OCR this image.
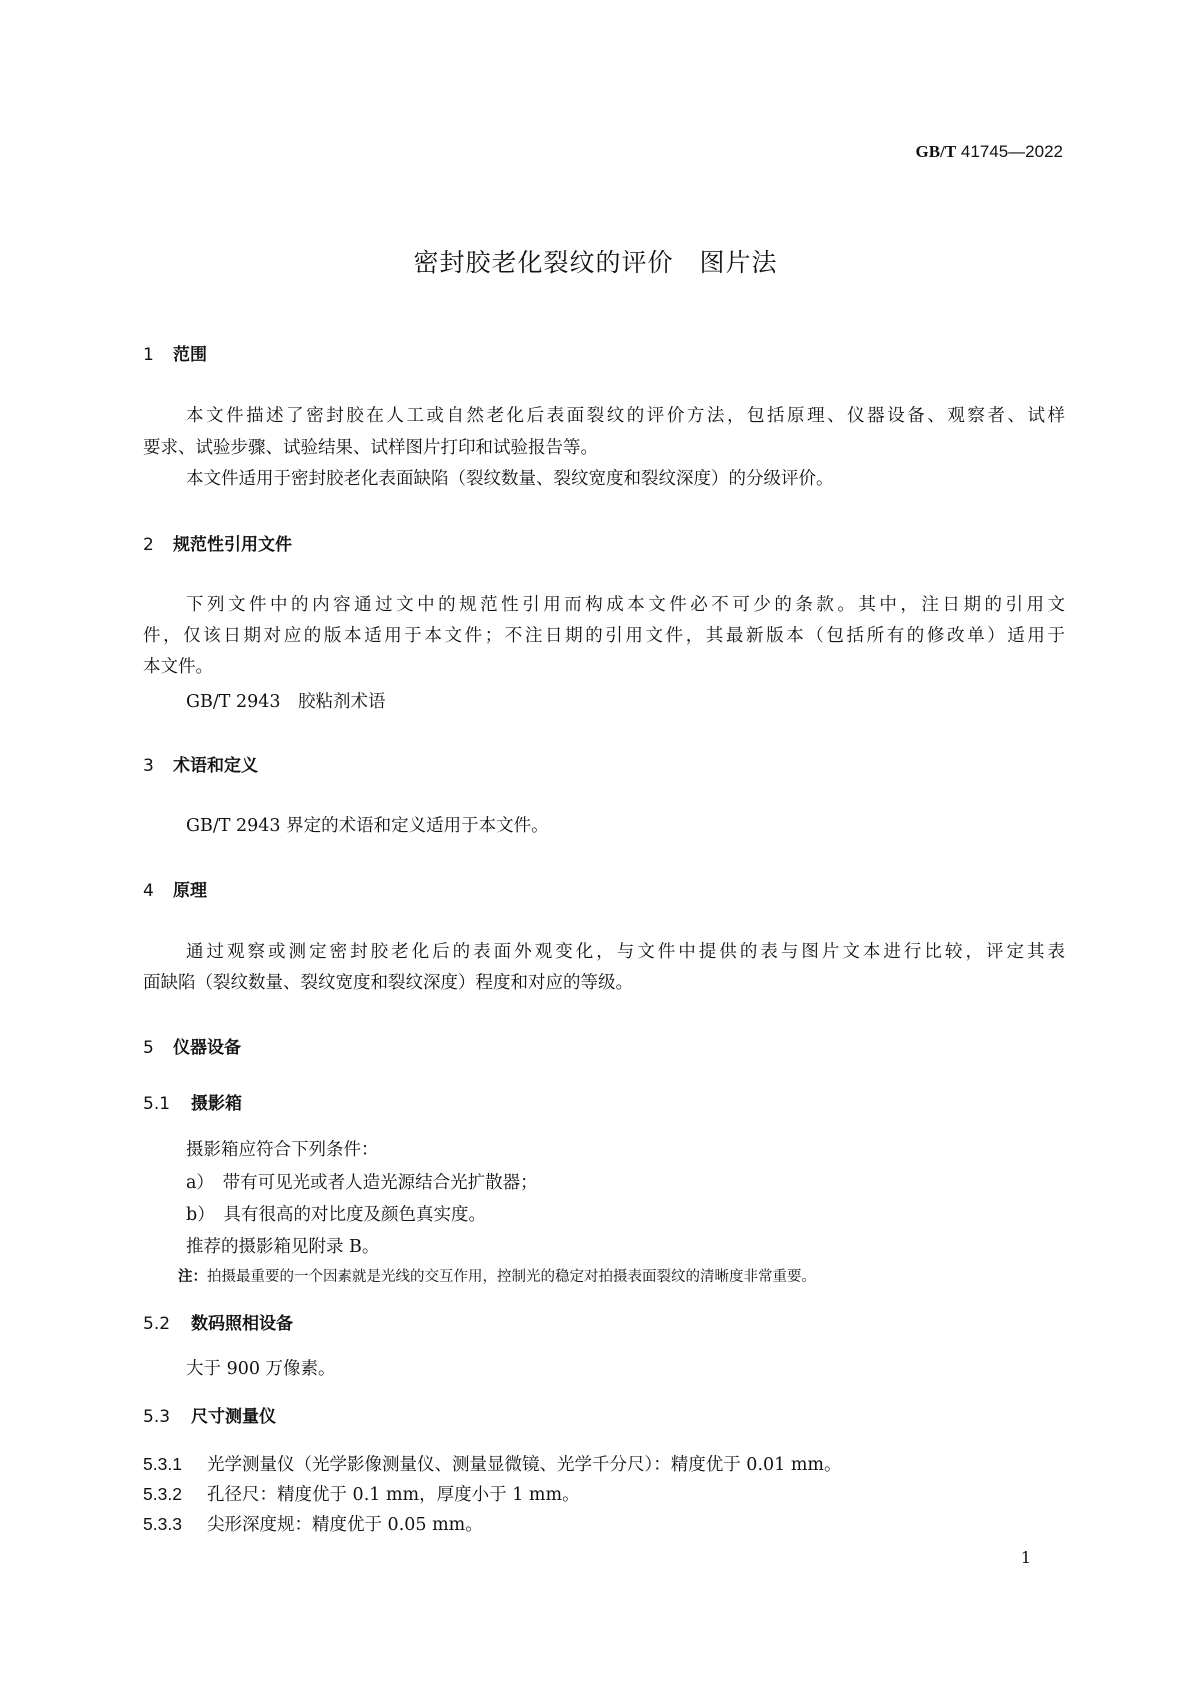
GB/T 41745—2022
密封胶老化裂纹的评价　图片法
1 范围
本文件描述了密封胶在人工或自然老化后表面裂纹的评价方法，包括原理、仪器设备、观察者、试样
要求、试验步骤、试验结果、试样图片打印和试验报告等。
本文件适用于密封胶老化表面缺陷（裂纹数量、裂纹宽度和裂纹深度）的分级评价。
2 规范性引用文件
下列文件中的内容通过文中的规范性引用而构成本文件必不可少的条款。其中，注日期的引用文
件，仅该日期对应的版本适用于本文件；不注日期的引用文件，其最新版本（包括所有的修改单）适用于
本文件。
GB/T 2943　胶粘剂术语
3 术语和定义
GB/T 2943 界定的术语和定义适用于本文件。
4 原理
通过观察或测定密封胶老化后的表面外观变化，与文件中提供的表与图片文本进行比较，评定其表
面缺陷（裂纹数量、裂纹宽度和裂纹深度）程度和对应的等级。
5 仪器设备
5.1 摄影箱
摄影箱应符合下列条件：
a）　带有可见光或者人造光源结合光扩散器；
b）　具有很高的对比度及颜色真实度。
推荐的摄影箱见附录 B。
注：拍摄最重要的一个因素就是光线的交互作用，控制光的稳定对拍摄表面裂纹的清晰度非常重要。
5.2 数码照相设备
大于 900 万像素。
5.3 尺寸测量仪
5.3.1 光学测量仪（光学影像测量仪、测量显微镜、光学千分尺）：精度优于 0.01 mm。
5.3.2 孔径尺：精度优于 0.1 mm，厚度小于 1 mm。
5.3.3 尖形深度规：精度优于 0.05 mm。
1
